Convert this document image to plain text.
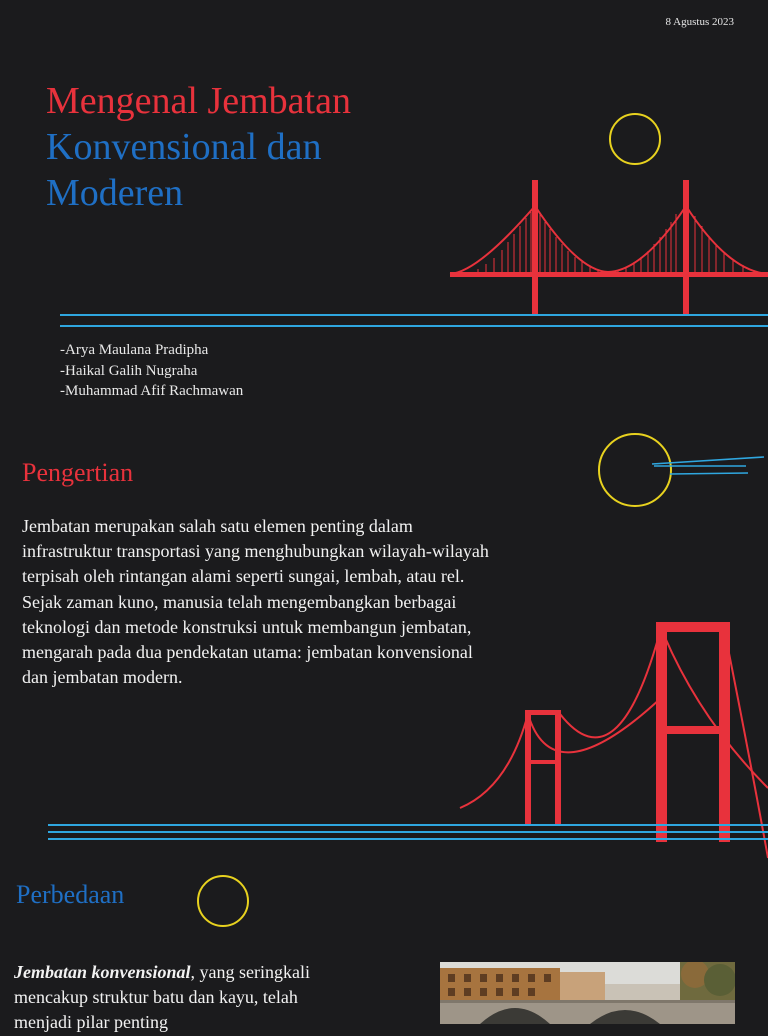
8 Agustus 2023
Mengenal Jembatan
Konvensional dan
Moderen
-Arya Maulana Pradipha
-Haikal Galih Nugraha
-Muhammad Afif Rachmawan
Pengertian

Jembatan merupakan salah satu elemen penting dalam infrastruktur transportasi yang menghubungkan wilayah-wilayah terpisah oleh rintangan alami seperti sungai, lembah, atau rel. Sejak zaman kuno, manusia telah mengembangkan berbagai teknologi dan metode konstruksi untuk membangun jembatan, mengarah pada dua pendekatan utama: jembatan konvensional dan jembatan modern.

Perbedaan

Jembatan konvensional, yang seringkali mencakup struktur batu dan kayu, telah menjadi pilar penting
